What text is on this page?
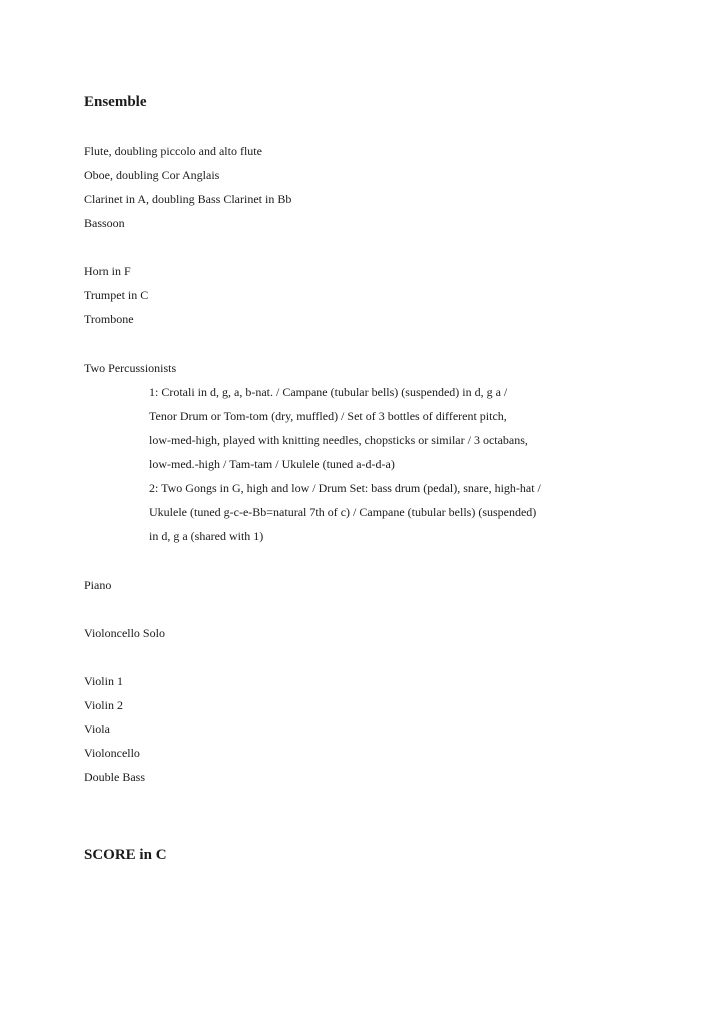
Ensemble
Flute, doubling piccolo and alto flute
Oboe, doubling Cor Anglais
Clarinet in A, doubling Bass Clarinet in Bb
Bassoon
Horn in F
Trumpet in C
Trombone
Two Percussionists
1: Crotali in d, g, a, b-nat. / Campane (tubular bells) (suspended) in d, g a /
Tenor Drum or Tom-tom (dry, muffled) / Set of 3 bottles of different pitch,
low-med-high, played with knitting needles, chopsticks or similar / 3 octabans,
low-med.-high / Tam-tam / Ukulele (tuned a-d-d-a)
2: Two Gongs in G, high and low / Drum Set: bass drum (pedal), snare, high-hat /
Ukulele (tuned g-c-e-Bb=natural 7th of c) / Campane (tubular bells) (suspended)
in d, g a (shared with 1)
Piano
Violoncello Solo
Violin 1
Violin 2
Viola
Violoncello
Double Bass
SCORE in C
